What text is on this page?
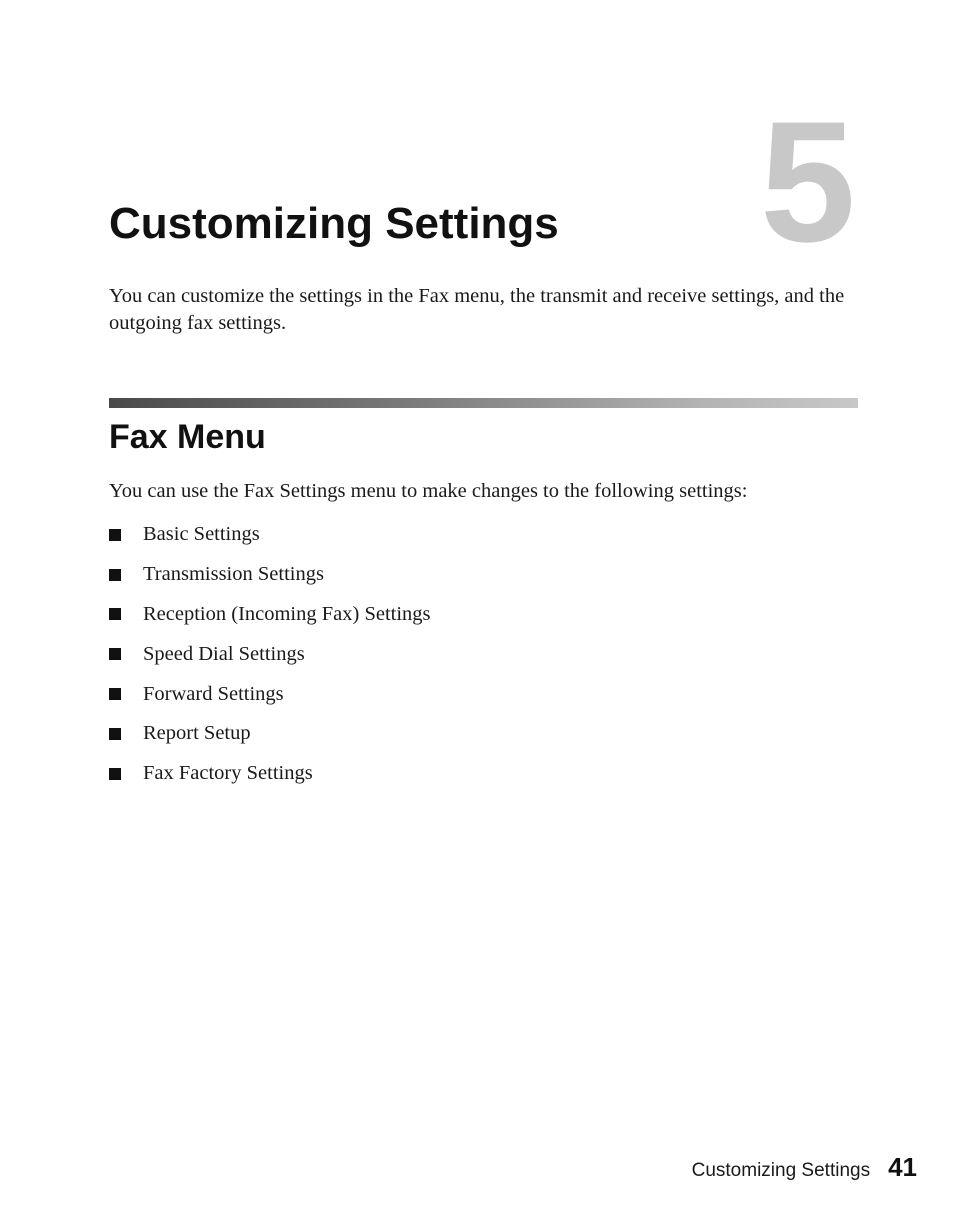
5
Customizing Settings

You can customize the settings in the Fax menu, the transmit and receive settings, and the outgoing fax settings.

Fax Menu

You can use the Fax Settings menu to make changes to the following settings:

Basic Settings
Transmission Settings
Reception (Incoming Fax) Settings
Speed Dial Settings
Forward Settings
Report Setup
Fax Factory Settings
Customizing Settings 41
